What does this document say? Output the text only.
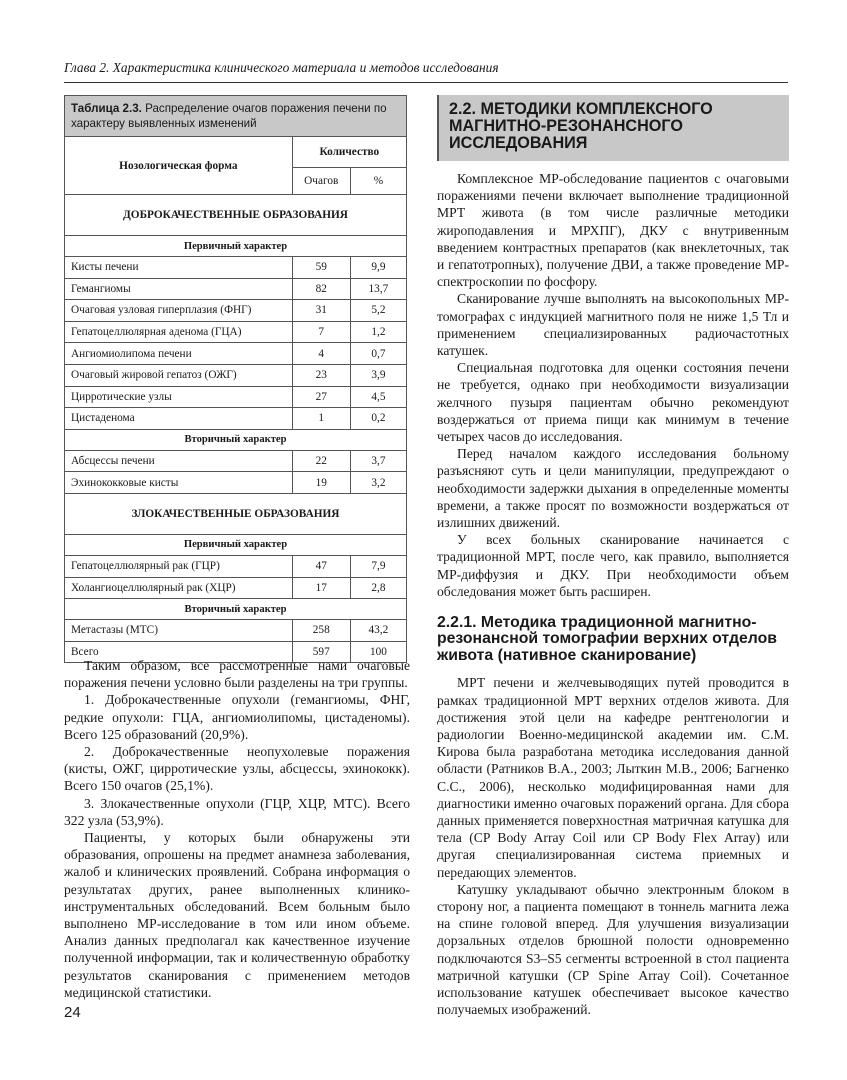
Глава 2. Характеристика клинического материала и методов исследования
Таблица 2.3. Распределение очагов поражения печени по характеру выявленных изменений
Нозологическая форма	Количество	
	Очагов	%
ДОБРОКАЧЕСТВЕННЫЕ ОБРАЗОВАНИЯ		
Первичный характер		
Кисты печени	59	9,9
Гемангиомы	82	13,7
Очаговая узловая гиперплазия (ФНГ)	31	5,2
Гепатоцеллюлярная аденома (ГЦА)	7	1,2
Ангиомиолипома печени	4	0,7
Очаговый жировой гепатоз (ОЖГ)	23	3,9
Цирротические узлы	27	4,5
Цистаденома	1	0,2
Вторичный характер		
Абсцессы печени	22	3,7
Эхинококковые кисты	19	3,2
ЗЛОКАЧЕСТВЕННЫЕ ОБРАЗОВАНИЯ		
Первичный характер		
Гепатоцеллюлярный рак (ГЦР)	47	7,9
Холангиоцеллюлярный рак (ХЦР)	17	2,8
Вторичный характер		
Метастазы (МТС)	258	43,2
Всего	597	100

Таким образом, все рассмотренные нами очаговые поражения печени условно были разделены на три группы.

1. Доброкачественные опухоли (гемангиомы, ФНГ, редкие опухоли: ГЦА, ангиомиолипомы, цистаденомы). Всего 125 образований (20,9%).

2. Доброкачественные неопухолевые поражения (кисты, ОЖГ, цирротические узлы, абсцессы, эхинококк). Всего 150 очагов (25,1%).

3. Злокачественные опухоли (ГЦР, ХЦР, МТС). Всего 322 узла (53,9%).

Пациенты, у которых были обнаружены эти образования, опрошены на предмет анамнеза заболевания, жалоб и клинических проявлений. Собрана информация о результатах других, ранее выполненных клинико-инструментальных обследований. Всем больным было выполнено МР-исследование в том или ином объеме. Анализ данных предполагал как качественное изучение полученной информации, так и количественную обработку результатов сканирования с применением методов медицинской статистики.

2.2. МЕТОДИКИ КОМПЛЕКСНОГО МАГНИТНО-РЕЗОНАНСНОГО ИССЛЕДОВАНИЯ

Комплексное МР-обследование пациентов с очаговыми поражениями печени включает выполнение традиционной МРТ живота (в том числе различные методики жироподавления и МРХПГ), ДКУ с внутривенным введением контрастных препаратов (как внеклеточных, так и гепатотропных), получение ДВИ, а также проведение МР-спектроскопии по фосфору.

Сканирование лучше выполнять на высокопольных МР-томографах с индукцией магнитного поля не ниже 1,5 Тл и применением специализированных радиочастотных катушек.

Специальная подготовка для оценки состояния печени не требуется, однако при необходимости визуализации желчного пузыря пациентам обычно рекомендуют воздержаться от приема пищи как минимум в течение четырех часов до исследования.

Перед началом каждого исследования больному разъясняют суть и цели манипуляции, предупреждают о необходимости задержки дыхания в определенные моменты времени, а также просят по возможности воздержаться от излишних движений.

У всех больных сканирование начинается с традиционной МРТ, после чего, как правило, выполняется МР-диффузия и ДКУ. При необходимости объем обследования может быть расширен.

2.2.1. Методика традиционной магнитно-резонансной томографии верхних отделов живота (нативное сканирование)

МРТ печени и желчевыводящих путей проводится в рамках традиционной МРТ верхних отделов живота. Для достижения этой цели на кафедре рентгенологии и радиологии Военно-медицинской академии им. С.М. Кирова была разработана методика исследования данной области (Ратников В.А., 2003; Лыткин М.В., 2006; Багненко С.С., 2006), несколько модифицированная нами для диагностики именно очаговых поражений органа. Для сбора данных применяется поверхностная матричная катушка для тела (CP Body Array Coil или CP Body Flex Array) или другая специализированная система приемных и передающих элементов.

Катушку укладывают обычно электронным блоком в сторону ног, а пациента помещают в тоннель магнита лежа на спине головой вперед. Для улучшения визуализации дорзальных отделов брюшной полости одновременно подключаются S3–S5 сегменты встроенной в стол пациента матричной катушки (CP Spine Array Coil). Сочетанное использование катушек обеспечивает высокое качество получаемых изображений.

24
